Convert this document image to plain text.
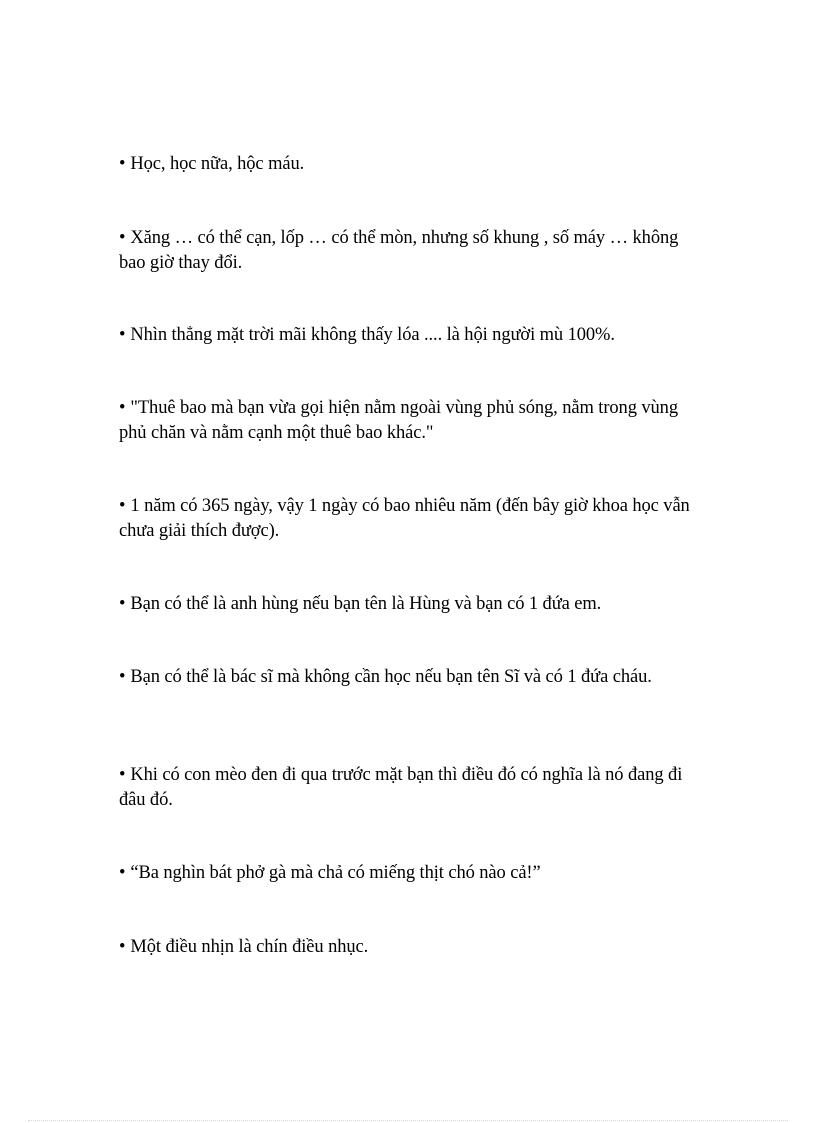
• Học, học nữa, hộc máu.

• Xăng … có thể cạn, lốp … có thể mòn, nhưng số khung , số máy … không bao giờ thay đổi.

• Nhìn thẳng mặt trời mãi không thấy lóa .... là hội người mù 100%.

• "Thuê bao mà bạn vừa gọi hiện nằm ngoài vùng phủ sóng, nằm trong vùng phủ chăn và nằm cạnh một thuê bao khác."

• 1 năm có 365 ngày, vậy 1 ngày có bao nhiêu năm (đến bây giờ khoa học vẫn chưa giải thích được).

• Bạn có thể là anh hùng nếu bạn tên là Hùng và bạn có 1 đứa em.

• Bạn có thể là bác sĩ mà không cần học nếu bạn tên Sĩ và có 1 đứa cháu.

• Khi có con mèo đen đi qua trước mặt bạn thì điều đó có nghĩa là nó đang đi đâu đó.

• “Ba nghìn bát phở gà mà chả có miếng thịt chó nào cả!”

• Một điều nhịn là chín điều nhục.
